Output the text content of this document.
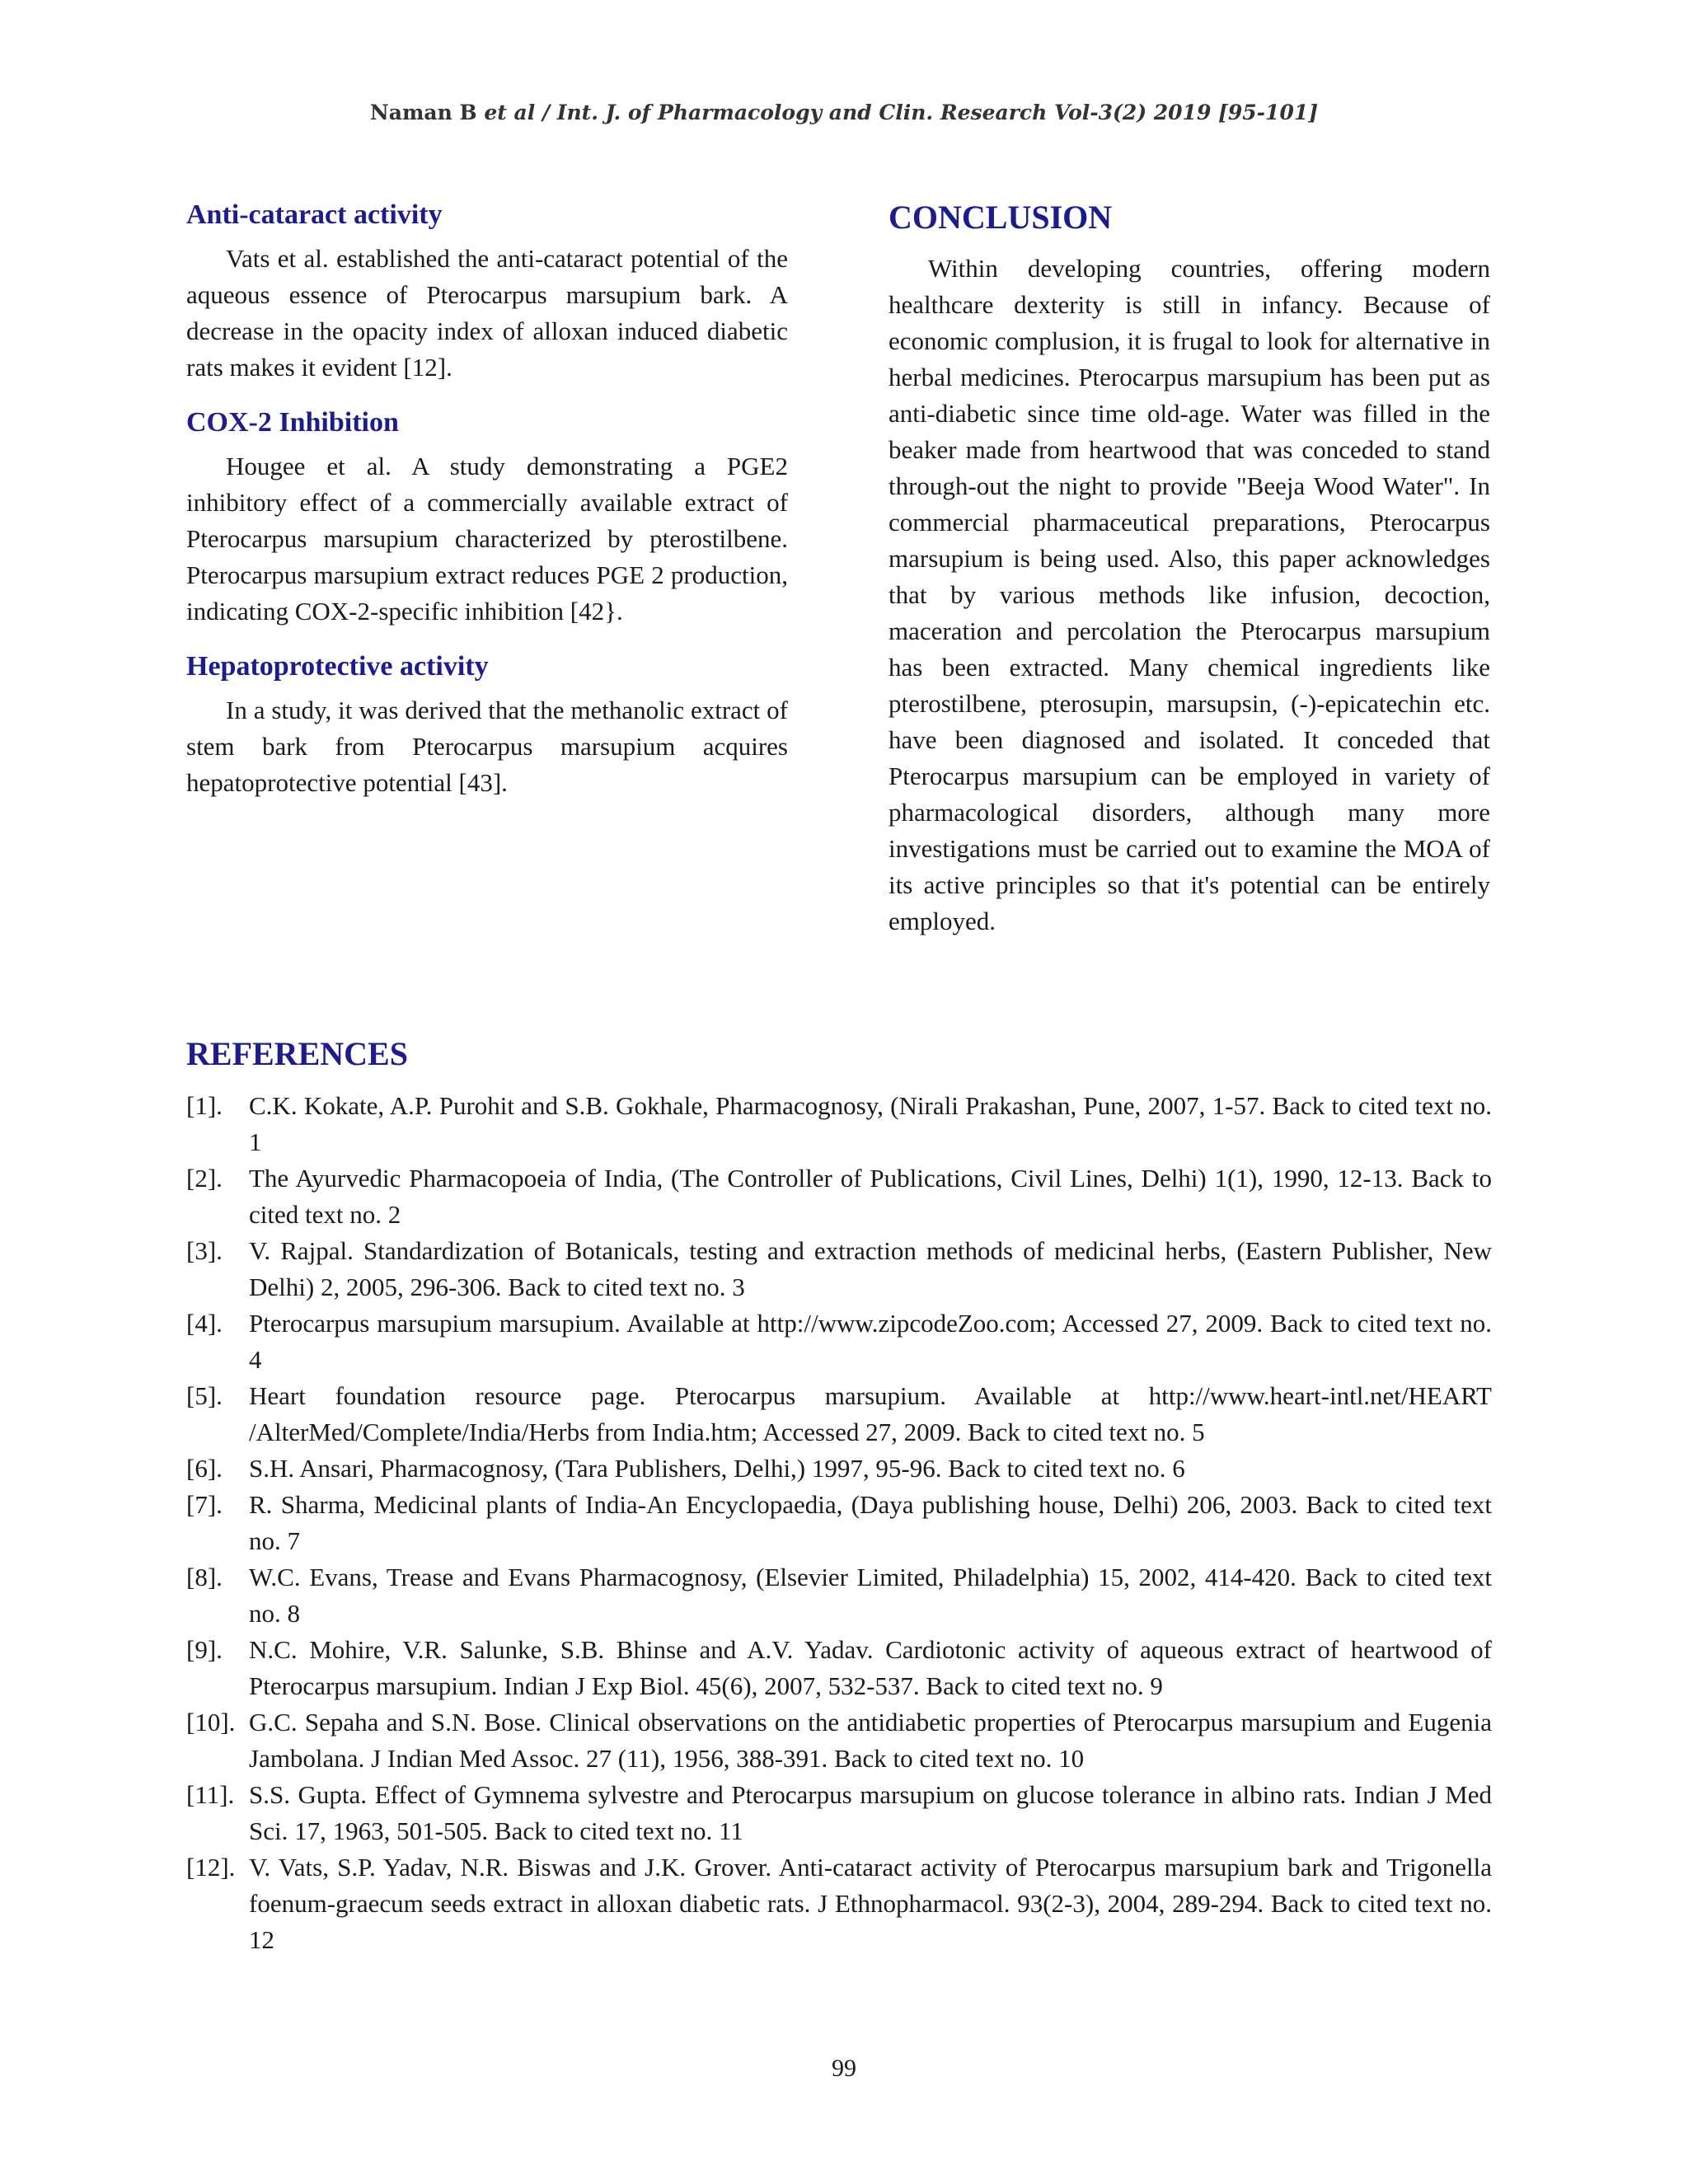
Naman B et al / Int. J. of Pharmacology and Clin. Research Vol-3(2) 2019 [95-101]
Anti-cataract activity

Vats et al. established the anti-cataract potential of the aqueous essence of Pterocarpus marsupium bark. A decrease in the opacity index of alloxan induced diabetic rats makes it evident [12].

COX-2 Inhibition

Hougee et al. A study demonstrating a PGE2 inhibitory effect of a commercially available extract of Pterocarpus marsupium characterized by pterostilbene. Pterocarpus marsupium extract reduces PGE 2 production, indicating COX-2-specific inhibition [42}.

Hepatoprotective activity

In a study, it was derived that the methanolic extract of stem bark from Pterocarpus marsupium acquires hepatoprotective potential [43].

CONCLUSION

Within developing countries, offering modern healthcare dexterity is still in infancy. Because of economic complusion, it is frugal to look for alternative in herbal medicines. Pterocarpus marsupium has been put as anti-diabetic since time old-age. Water was filled in the beaker made from heartwood that was conceded to stand through-out the night to provide "Beeja Wood Water". In commercial pharmaceutical preparations, Pterocarpus marsupium is being used. Also, this paper acknowledges that by various methods like infusion, decoction, maceration and percolation the Pterocarpus marsupium has been extracted. Many chemical ingredients like pterostilbene, pterosupin, marsupsin, (-)-epicatechin etc. have been diagnosed and isolated. It conceded that Pterocarpus marsupium can be employed in variety of pharmacological disorders, although many more investigations must be carried out to examine the MOA of its active principles so that it's potential can be entirely employed.

REFERENCES
[1]. C.K. Kokate, A.P. Purohit and S.B. Gokhale, Pharmacognosy, (Nirali Prakashan, Pune, 2007, 1-57. Back to cited text no. 1
[2]. The Ayurvedic Pharmacopoeia of India, (The Controller of Publications, Civil Lines, Delhi) 1(1), 1990, 12-13. Back to cited text no. 2
[3]. V. Rajpal. Standardization of Botanicals, testing and extraction methods of medicinal herbs, (Eastern Publisher, New Delhi) 2, 2005, 296-306. Back to cited text no. 3
[4]. Pterocarpus marsupium marsupium. Available at http://www.zipcodeZoo.com; Accessed 27, 2009. Back to cited text no. 4
[5]. Heart foundation resource page. Pterocarpus marsupium. Available at http://www.heart-intl.net/HEART /AlterMed/Complete/India/Herbs from India.htm; Accessed 27, 2009. Back to cited text no. 5
[6]. S.H. Ansari, Pharmacognosy, (Tara Publishers, Delhi,) 1997, 95-96. Back to cited text no. 6
[7]. R. Sharma, Medicinal plants of India-An Encyclopaedia, (Daya publishing house, Delhi) 206, 2003. Back to cited text no. 7
[8]. W.C. Evans, Trease and Evans Pharmacognosy, (Elsevier Limited, Philadelphia) 15, 2002, 414-420. Back to cited text no. 8
[9]. N.C. Mohire, V.R. Salunke, S.B. Bhinse and A.V. Yadav. Cardiotonic activity of aqueous extract of heartwood of Pterocarpus marsupium. Indian J Exp Biol. 45(6), 2007, 532-537. Back to cited text no. 9
[10]. G.C. Sepaha and S.N. Bose. Clinical observations on the antidiabetic properties of Pterocarpus marsupium and Eugenia Jambolana. J Indian Med Assoc. 27 (11), 1956, 388-391. Back to cited text no. 10
[11]. S.S. Gupta. Effect of Gymnema sylvestre and Pterocarpus marsupium on glucose tolerance in albino rats. Indian J Med Sci. 17, 1963, 501-505. Back to cited text no. 11
[12]. V. Vats, S.P. Yadav, N.R. Biswas and J.K. Grover. Anti-cataract activity of Pterocarpus marsupium bark and Trigonella foenum-graecum seeds extract in alloxan diabetic rats. J Ethnopharmacol. 93(2-3), 2004, 289-294. Back to cited text no. 12
99
